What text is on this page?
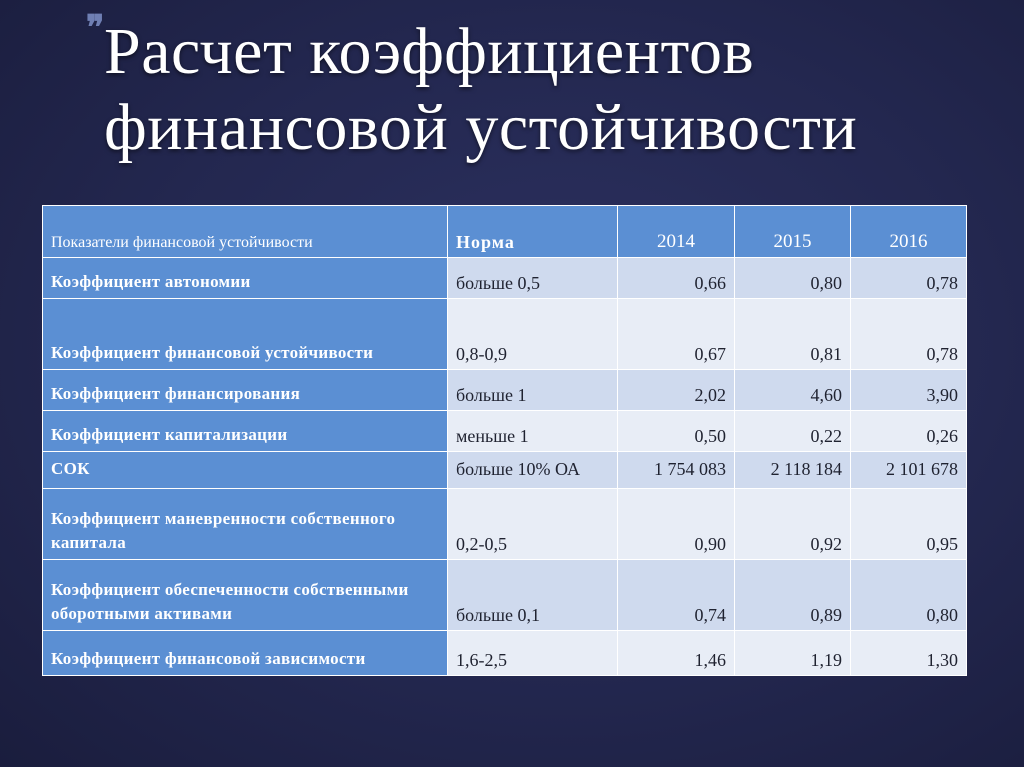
❞ Расчет коэффициентов
финансовой устойчивости
Показатели финансовой устойчивости	Норма	2014	2015	2016
Коэффициент автономии	больше 0,5	0,66	0,80	0,78
Коэффициент финансовой устойчивости	0,8-0,9	0,67	0,81	0,78
Коэффициент финансирования	больше 1	2,02	4,60	3,90
Коэффициент капитализации	меньше 1	0,50	0,22	0,26
СОК	больше 10% ОА	1 754 083	2 118 184	2 101 678
Коэффициент маневренности собственного капитала	0,2-0,5	0,90	0,92	0,95
Коэффициент обеспеченности собственными оборотными активами	больше 0,1	0,74	0,89	0,80
Коэффициент финансовой зависимости	1,6-2,5	1,46	1,19	1,30
